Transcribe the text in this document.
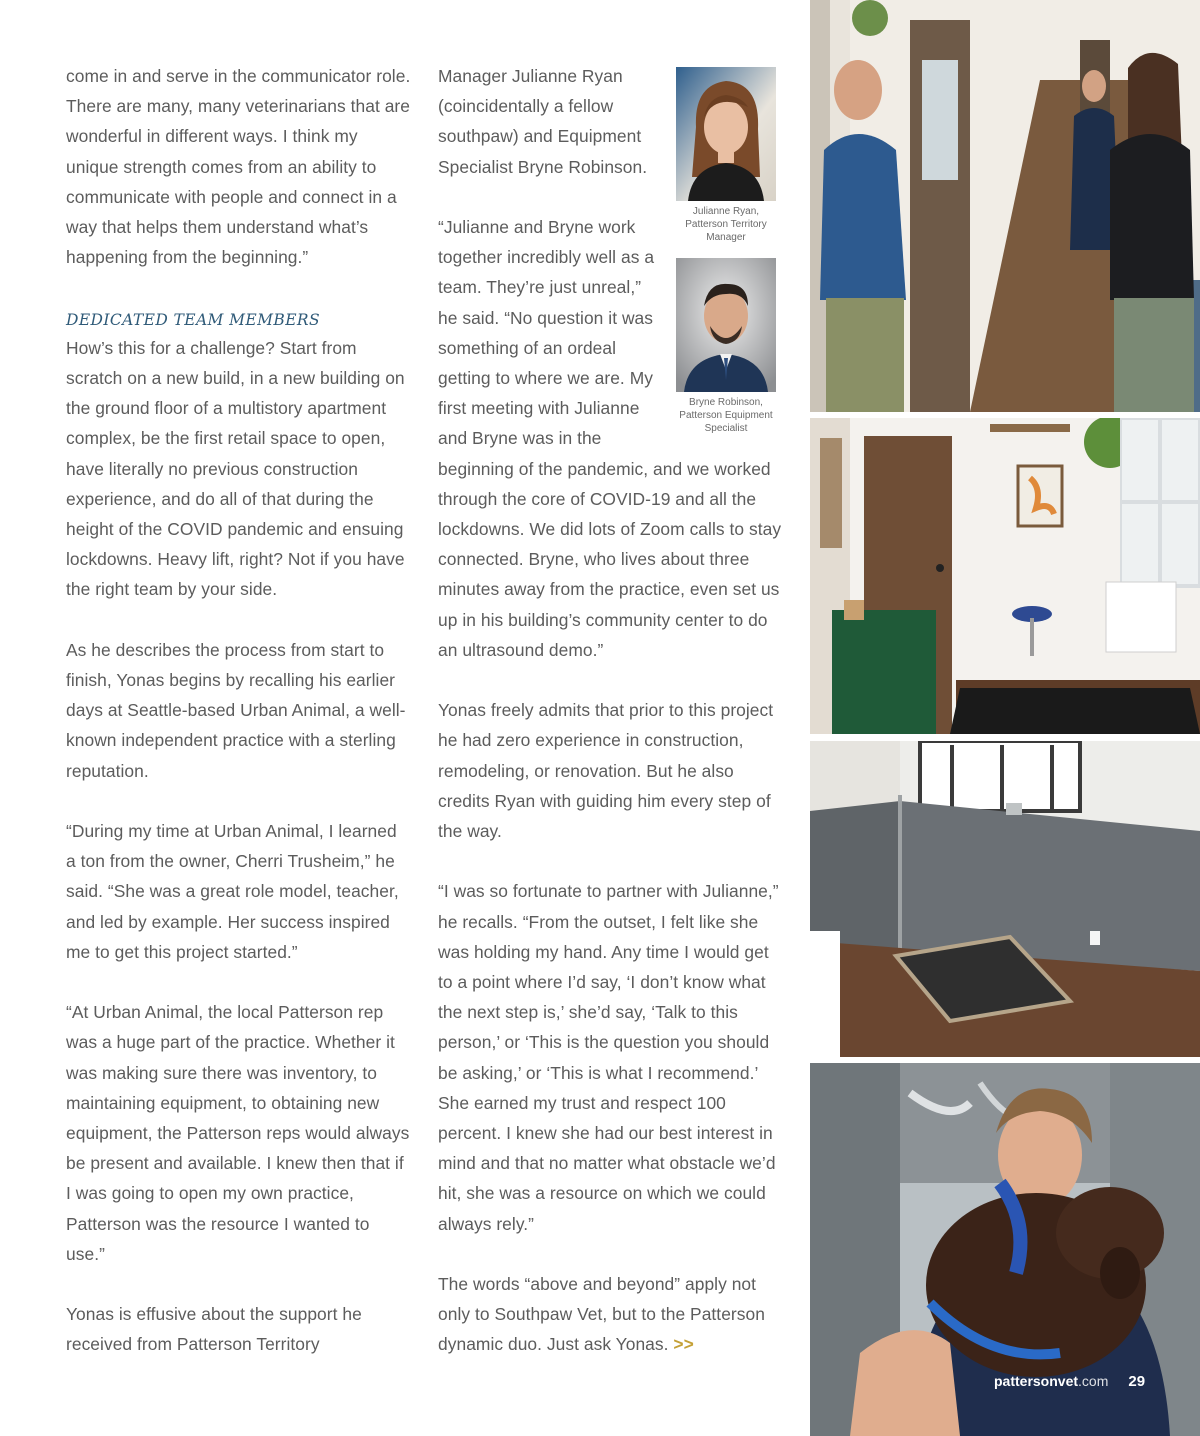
come in and serve in the communicator role. There are many, many veterinarians that are wonderful in different ways. I think my unique strength comes from an ability to communicate with people and connect in a way that helps them understand what’s happening from the beginning.”

DEDICATED TEAM MEMBERS

How’s this for a challenge? Start from scratch on a new build, in a new building on the ground floor of a multistory apartment complex, be the first retail space to open, have literally no previous construction experience, and do all of that during the height of the COVID pandemic and ensuing lockdowns. Heavy lift, right? Not if you have the right team by your side.

As he describes the process from start to finish, Yonas begins by recalling his earlier days at Seattle-based Urban Animal, a well-known independent practice with a sterling reputation.

“During my time at Urban Animal, I learned a ton from the owner, Cherri Trusheim,” he said. “She was a great role model, teacher, and led by example. Her success inspired me to get this project started.”

“At Urban Animal, the local Patterson rep was a huge part of the practice. Whether it was making sure there was inventory, to maintaining equipment, to obtaining new equipment, the Patterson reps would always be present and available. I knew then that if I was going to open my own practice, Patterson was the resource I wanted to use.”

Yonas is effusive about the support he received from Patterson Territory

Manager Julianne Ryan (coincidentally a fellow southpaw) and Equipment Specialist Bryne Robinson.

“Julianne and Bryne work together incredibly well as a team. They’re just unreal,” he said. “No question it was something of an ordeal getting to where we are. My first meeting with Julianne and Bryne was in the

beginning of the pandemic, and we worked through the core of COVID-19 and all the lockdowns. We did lots of Zoom calls to stay connected. Bryne, who lives about three minutes away from the practice, even set us up in his building’s community center to do an ultrasound demo.”

Yonas freely admits that prior to this project he had zero experience in construction, remodeling, or renovation. But he also credits Ryan with guiding him every step of the way.

“I was so fortunate to partner with Julianne,” he recalls. “From the outset, I felt like she was holding my hand. Any time I would get to a point where I’d say, ‘I don’t know what the next step is,’ she’d say, ‘Talk to this person,’ or ‘This is the question you should be asking,’ or ‘This is what I recommend.’ She earned my trust and respect 100 percent. I knew she had our best interest in mind and that no matter what obstacle we’d hit, she was a resource on which we could always rely.”

The words “above and beyond” apply not only to Southpaw Vet, but to the Patterson dynamic duo. Just ask Yonas. >>

Julianne Ryan,
Patterson Territory
Manager
Bryne Robinson,
Patterson Equipment
Specialist
pattersonvet.com 29
